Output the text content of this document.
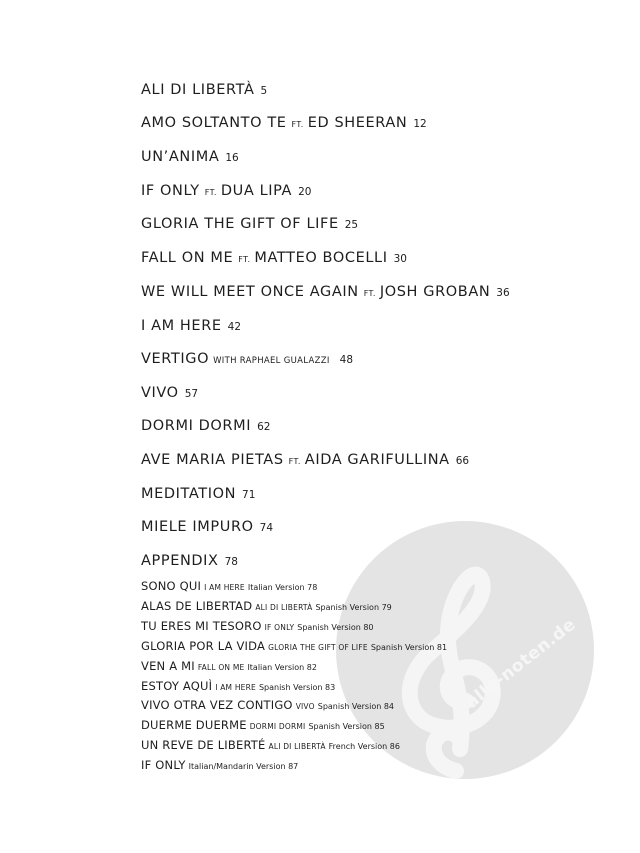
alle-noten.de
ALI DI LIBERTÀ 5
AMO SOLTANTO TE FT. ED SHEERAN 12
UN’ANIMA 16
IF ONLY FT. DUA LIPA 20
GLORIA THE GIFT OF LIFE 25
FALL ON ME FT. MATTEO BOCELLI 30
WE WILL MEET ONCE AGAIN FT. JOSH GROBAN 36
I AM HERE 42
VERTIGO WITH RAPHAEL GUALAZZI 48
VIVO 57
DORMI DORMI 62
AVE MARIA PIETAS FT. AIDA GARIFULLINA 66
MEDITATION 71
MIELE IMPURO 74
APPENDIX 78
SONO QUI I AM HERE Italian Version 78
ALAS DE LIBERTAD ALI DI LIBERTÀ Spanish Version 79
TU ERES MI TESORO IF ONLY Spanish Version 80
GLORIA POR LA VIDA GLORIA THE GIFT OF LIFE Spanish Version 81
VEN A MI FALL ON ME Italian Version 82
ESTOY AQUÌ I AM HERE Spanish Version 83
VIVO OTRA VEZ CONTIGO VIVO Spanish Version 84
DUERME DUERME DORMI DORMI Spanish Version 85
UN REVE DE LIBERTÉ ALI DI LIBERTÀ French Version 86
IF ONLY Italian/Mandarin Version 87
